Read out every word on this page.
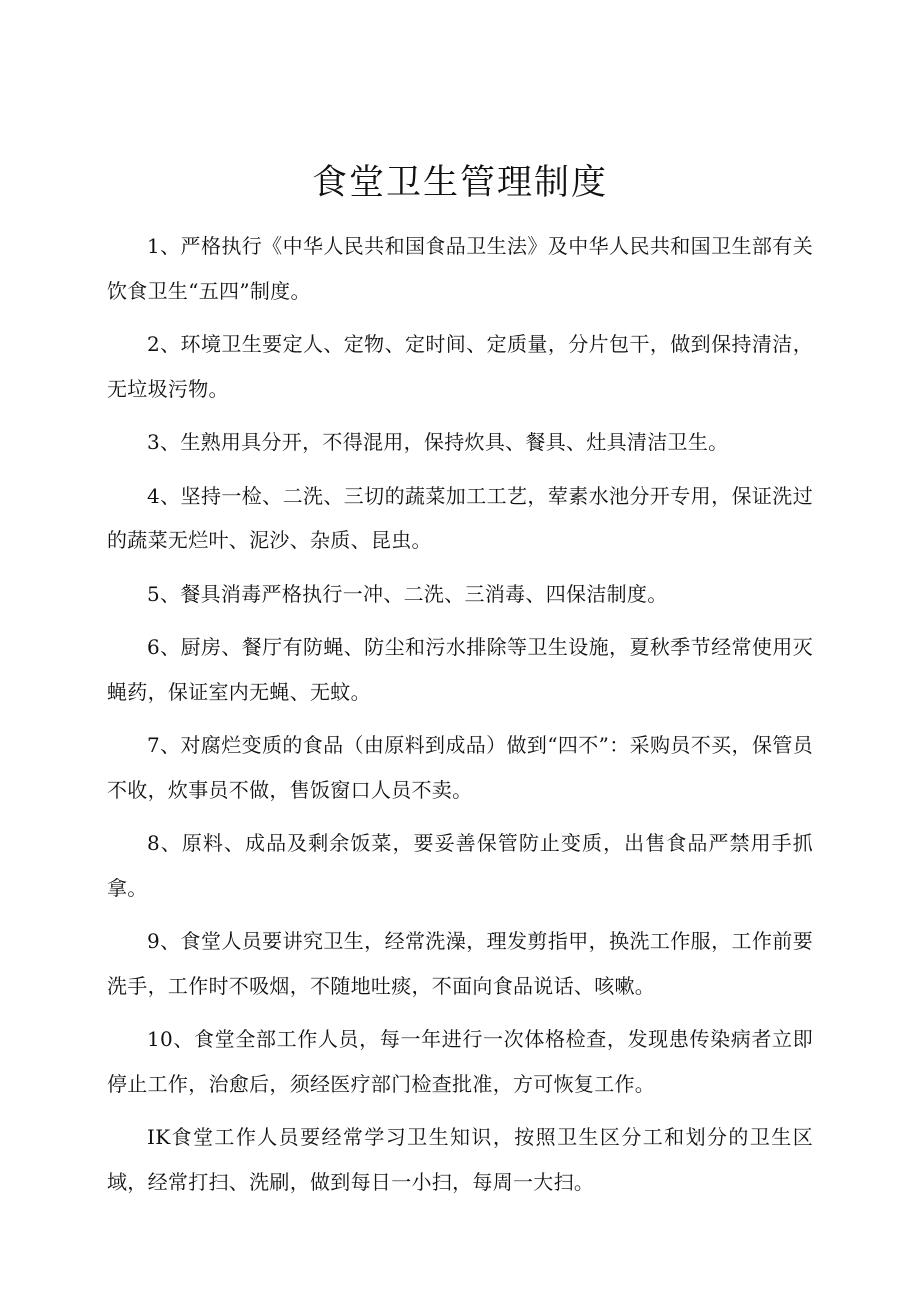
食堂卫生管理制度

1、严格执行《中华人民共和国食品卫生法》及中华人民共和国卫生部有关饮食卫生“五四”制度。

2、环境卫生要定人、定物、定时间、定质量，分片包干，做到保持清洁，无垃圾污物。

3、生熟用具分开，不得混用，保持炊具、餐具、灶具清洁卫生。

4、坚持一检、二洗、三切的蔬菜加工工艺，荤素水池分开专用，保证洗过的蔬菜无烂叶、泥沙、杂质、昆虫。

5、餐具消毒严格执行一冲、二洗、三消毒、四保洁制度。

6、厨房、餐厅有防蝇、防尘和污水排除等卫生设施，夏秋季节经常使用灭蝇药，保证室内无蝇、无蚊。

7、对腐烂变质的食品（由原料到成品）做到“四不”：采购员不买，保管员不收，炊事员不做，售饭窗口人员不卖。

8、原料、成品及剩余饭菜，要妥善保管防止变质，出售食品严禁用手抓拿。

9、食堂人员要讲究卫生，经常洗澡，理发剪指甲，换洗工作服，工作前要洗手，工作时不吸烟，不随地吐痰，不面向食品说话、咳嗽。

10、食堂全部工作人员，每一年进行一次体格检查，发现患传染病者立即停止工作，治愈后，须经医疗部门检查批准，方可恢复工作。

IK食堂工作人员要经常学习卫生知识，按照卫生区分工和划分的卫生区域，经常打扫、洗刷，做到每日一小扫，每周一大扫。
